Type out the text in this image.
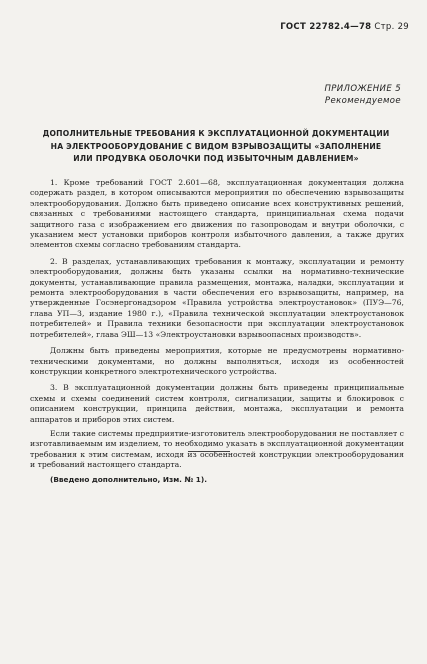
ГОСТ 22782.4—78 Стр. 29
ПРИЛОЖЕНИЕ 5
Рекомендуемое
ДОПОЛНИТЕЛЬНЫЕ ТРЕБОВАНИЯ К ЭКСПЛУАТАЦИОННОЙ ДОКУМЕНТАЦИИ
НА ЭЛЕКТРООБОРУДОВАНИЕ С ВИДОМ ВЗРЫВОЗАЩИТЫ «ЗАПОЛНЕНИЕ
ИЛИ ПРОДУВКА ОБОЛОЧКИ ПОД ИЗБЫТОЧНЫМ ДАВЛЕНИЕМ»

1. Кроме требований ГОСТ 2.601—68, эксплуатационная документация должна содержать раздел, в котором описываются мероприятия по обеспечению взрывозащиты электрооборудования. Должно быть приведено описание всех конструктивных решений, связанных с требованиями настоящего стандарта, принципиальная схема подачи защитного газа с изображением его движения по газопроводам и внутри оболочки, с указанием мест установки приборов контроля избыточного давления, а также других элементов схемы согласно требованиям стандарта.

2. В разделах, устанавливающих требования к монтажу, эксплуатации и ремонту электрооборудования, должны быть указаны ссылки на нормативно-технические документы, устанавливающие правила размещения, монтажа, наладки, эксплуатации и ремонта электрооборудования в части обеспечения его взрывозащиты, например, на утвержденные Госэнергонадзором «Правила устройства электроустановок» (ПУЭ—76, глава УП—3, издание 1980 г.), «Правила технической эксплуатации электроустановок потребителей» и Правила техники безопасности при эксплуатации электроустановок потребителей», глава ЭШ—13 «Электроустановки взрывоопасных производств».

Должны быть приведены мероприятия, которые не предусмотрены нормативно-техническими документами, но должны выполняться, исходя из особенностей конструкции конкретного электротехнического устройства.

3. В эксплуатационной документации должны быть приведены принципиальные схемы и схемы соединений систем контроля, сигнализации, защиты и блокировок с описанием конструкции, принципа действия, монтажа, эксплуатации и ремонта аппаратов и приборов этих систем.

Если такие системы предприятие-изготовитель электрооборудования не поставляет с изготавливаемым им изделием, то необходимо указать в эксплуатационной документации требования к этим системам, исходя из особенностей конструкции электрооборудования и требований настоящего стандарта.

(Введено дополнительно, Изм. № 1).
